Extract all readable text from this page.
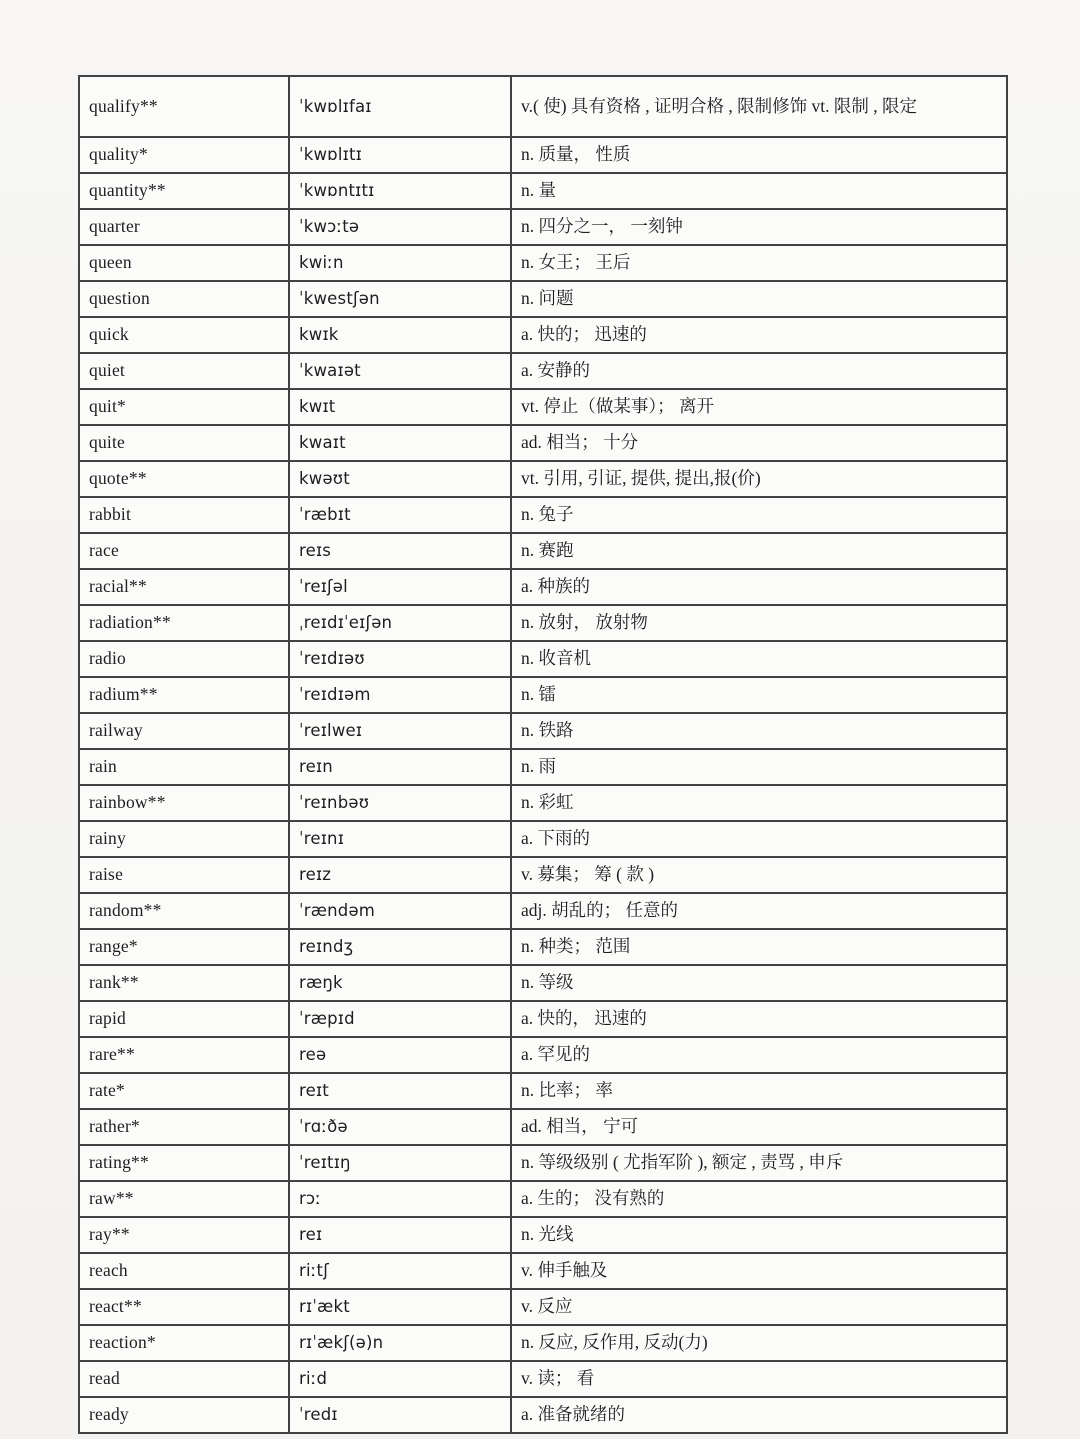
qualify**	ˈkwɒlɪfaɪ	v.( 使) 具有资格 , 证明合格 , 限制修饰 vt. 限制 , 限定
quality*	ˈkwɒlɪtɪ	n. 质量， 性质
quantity**	ˈkwɒntɪtɪ	n. 量
quarter	ˈkwɔːtə	n. 四分之一， 一刻钟
queen	kwiːn	n. 女王； 王后
question	ˈkwestʃən	n. 问题
quick	kwɪk	a. 快的； 迅速的
quiet	ˈkwaɪət	a. 安静的
quit*	kwɪt	vt. 停止（做某事）； 离开
quite	kwaɪt	ad. 相当； 十分
quote**	kwəʊt	vt. 引用, 引证, 提供, 提出,报(价)
rabbit	ˈræbɪt	n. 兔子
race	reɪs	n. 赛跑
racial**	ˈreɪʃəl	a. 种族的
radiation**	ˌreɪdɪˈeɪʃən	n. 放射， 放射物
radio	ˈreɪdɪəʊ	n. 收音机
radium**	ˈreɪdɪəm	n. 镭
railway	ˈreɪlweɪ	n. 铁路
rain	reɪn	n. 雨
rainbow**	ˈreɪnbəʊ	n. 彩虹
rainy	ˈreɪnɪ	a. 下雨的
raise	reɪz	v. 募集； 筹 ( 款 )
random**	ˈrændəm	adj. 胡乱的； 任意的
range*	reɪndʒ	n. 种类； 范围
rank**	ræŋk	n. 等级
rapid	ˈræpɪd	a. 快的， 迅速的
rare**	reə	a. 罕见的
rate*	reɪt	n. 比率； 率
rather*	ˈrɑːðə	ad. 相当， 宁可
rating**	ˈreɪtɪŋ	n. 等级级别 ( 尤指军阶 ), 额定 , 责骂 , 申斥
raw**	rɔː	a. 生的； 没有熟的
ray**	reɪ	n. 光线
reach	riːtʃ	v. 伸手触及
react**	rɪˈækt	v. 反应
reaction*	rɪˈækʃ(ə)n	n. 反应, 反作用, 反动(力)
read	riːd	v. 读； 看
ready	ˈredɪ	a. 准备就绪的
